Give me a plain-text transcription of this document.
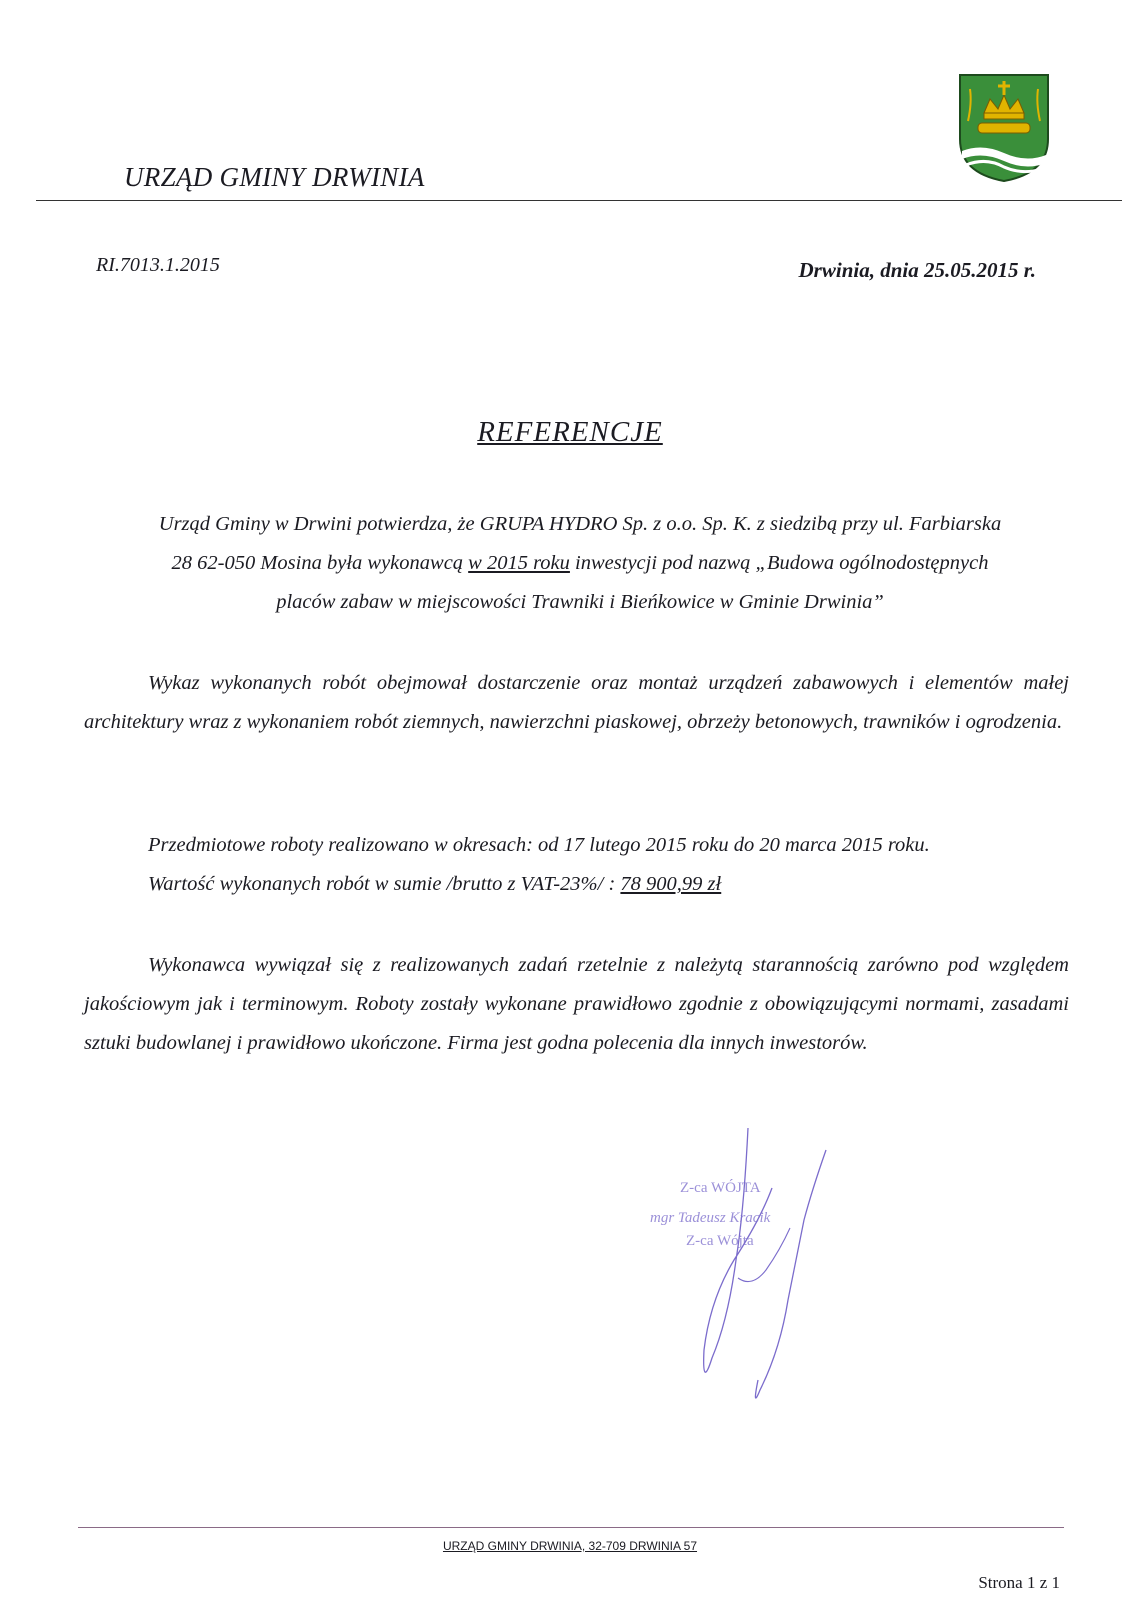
URZĄD GMINY DRWINIA
RI.7013.1.2015	Drwinia, dnia 25.05.2015 r.
REFERENCJE
Urząd Gminy w Drwini potwierdza, że GRUPA HYDRO Sp. z o.o. Sp. K. z siedzibą przy ul. Farbiarska 28 62-050 Mosina była wykonawcą w 2015 roku inwestycji pod nazwą „Budowa ogólnodostępnych placów zabaw w miejscowości Trawniki i Bieńkowice w Gminie Drwinia”
Wykaz wykonanych robót obejmował dostarczenie oraz montaż urządzeń zabawowych i elementów małej architektury wraz z wykonaniem robót ziemnych, nawierzchni piaskowej, obrzeży betonowych, trawników i ogrodzenia.
Przedmiotowe roboty realizowano w okresach: od 17 lutego 2015 roku do 20 marca 2015 roku.
Wartość wykonanych robót w sumie /brutto z VAT-23%/ : 78 900,99 zł
Wykonawca wywiązał się z realizowanych zadań rzetelnie z należytą starannością zarówno pod względem jakościowym jak i terminowym. Roboty zostały wykonane prawidłowo zgodnie z obowiązującymi normami, zasadami sztuki budowlanej i prawidłowo ukończone. Firma jest godna polecenia dla innych inwestorów.
Z-ca WÓJTA
mgr Tadeusz Kracik
Z-ca Wójta
URZĄD GMINY DRWINIA, 32-709 DRWINIA 57
Strona 1 z 1
